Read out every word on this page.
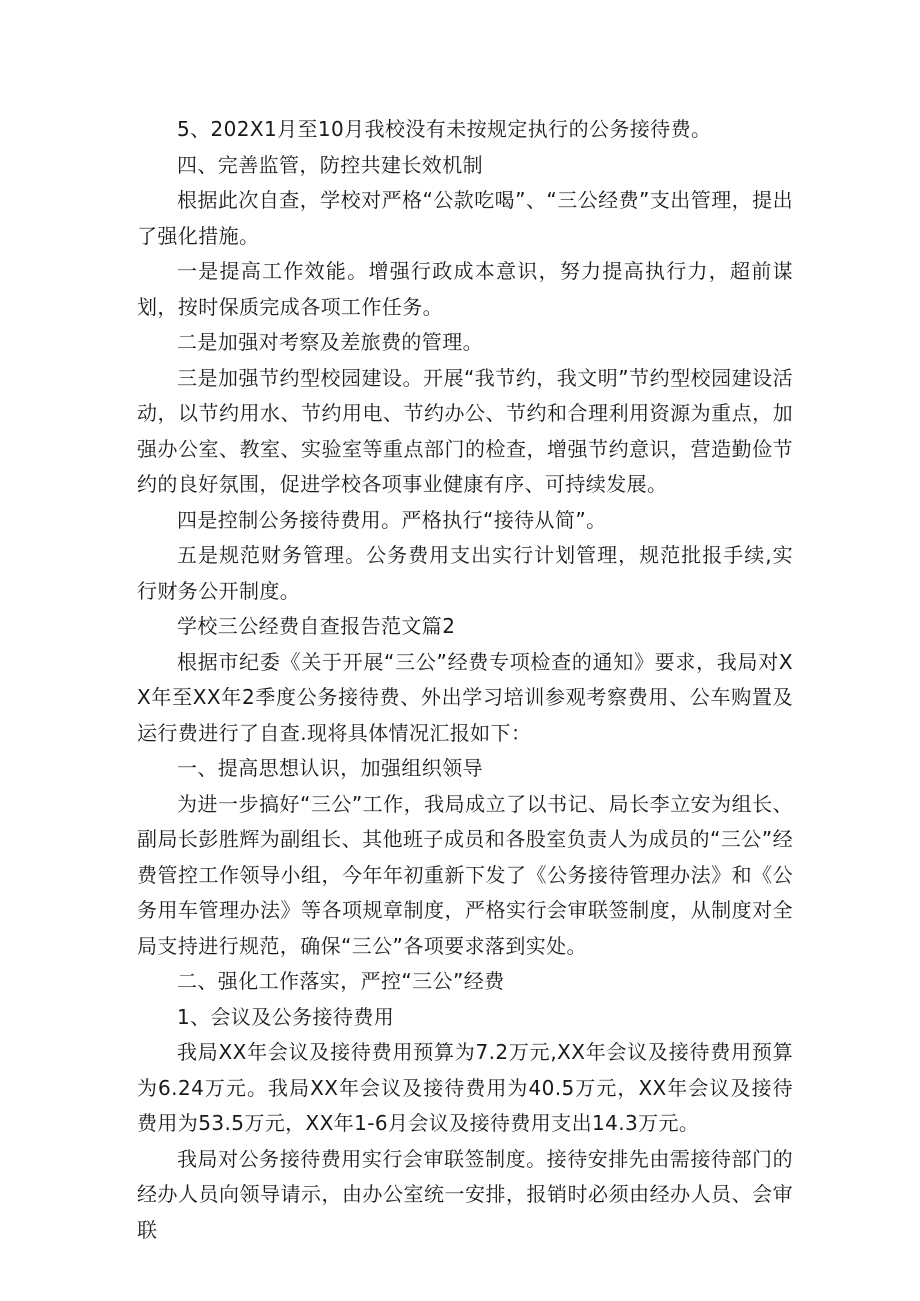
5、202X1月至10月我校没有未按规定执行的公务接待费。

四、完善监管，防控共建长效机制

根据此次自查，学校对严格“公款吃喝”、“三公经费”支出管理，提出了强化措施。

一是提高工作效能。增强行政成本意识，努力提高执行力，超前谋划，按时保质完成各项工作任务。

二是加强对考察及差旅费的管理。

三是加强节约型校园建设。开展“我节约，我文明”节约型校园建设活动，以节约用水、节约用电、节约办公、节约和合理利用资源为重点，加强办公室、教室、实验室等重点部门的检查，增强节约意识，营造勤俭节约的良好氛围，促进学校各项事业健康有序、可持续发展。

四是控制公务接待费用。严格执行“接待从简”。

五是规范财务管理。公务费用支出实行计划管理，规范批报手续,实行财务公开制度。

学校三公经费自查报告范文篇2

根据市纪委《关于开展“三公”经费专项检查的通知》要求，我局对XX年至XX年2季度公务接待费、外出学习培训参观考察费用、公车购置及运行费进行了自查.现将具体情况汇报如下：

一、提高思想认识，加强组织领导

为进一步搞好“三公”工作，我局成立了以书记、局长李立安为组长、副局长彭胜辉为副组长、其他班子成员和各股室负责人为成员的“三公”经费管控工作领导小组，今年年初重新下发了《公务接待管理办法》和《公务用车管理办法》等各项规章制度，严格实行会审联签制度，从制度对全局支持进行规范，确保“三公”各项要求落到实处。

二、强化工作落实，严控“三公”经费

1、会议及公务接待费用

我局XX年会议及接待费用预算为7.2万元,XX年会议及接待费用预算为6.24万元。我局XX年会议及接待费用为40.5万元，XX年会议及接待费用为53.5万元，XX年1-6月会议及接待费用支出14.3万元。

我局对公务接待费用实行会审联签制度。接待安排先由需接待部门的经办人员向领导请示，由办公室统一安排，报销时必须由经办人员、会审联
